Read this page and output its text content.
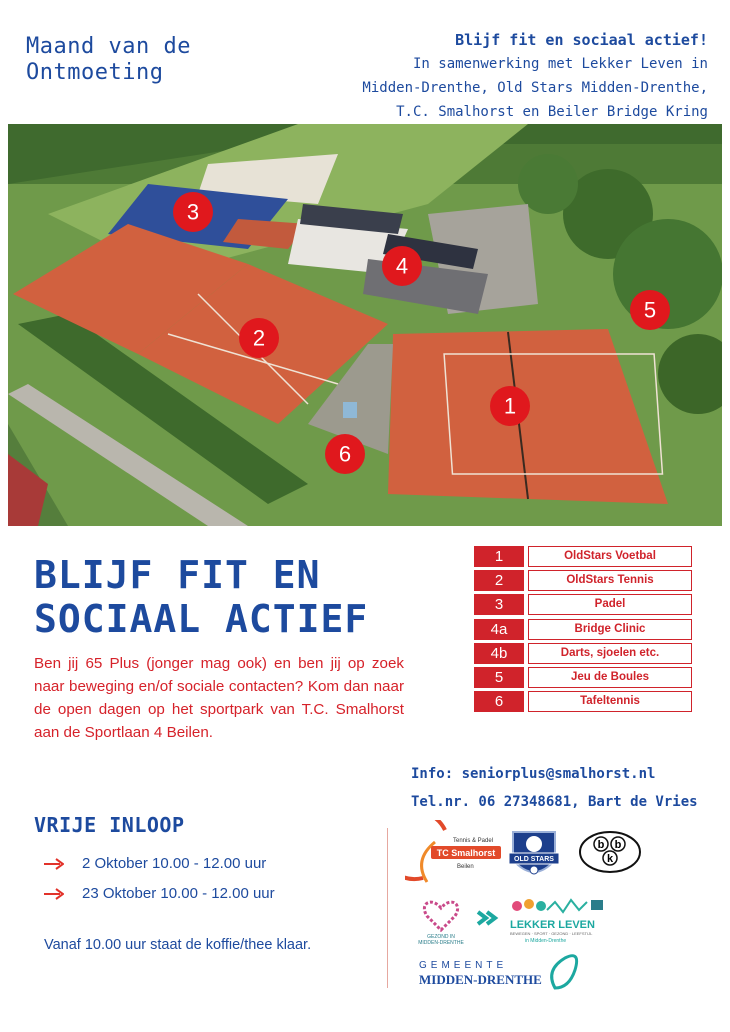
Maand van de
Ontmoeting
Blijf fit en sociaal actief!
In samenwerking met Lekker Leven in
Midden-Drenthe, Old Stars Midden-Drenthe,
T.C. Smalhorst en Beiler Bridge Kring
3
4
5
2
1
6
BLIJF FIT EN
SOCIAAL ACTIEF

Ben jij 65 Plus (jonger mag ook) en ben jij op zoek naar beweging en/of sociale contacten? Kom dan naar de open dagen op het sportpark van T.C. Smalhorst aan de Sportlaan 4 Beilen.

1	OldStars Voetbal
2	OldStars Tennis
3	Padel
4a	Bridge Clinic
4b	Darts, sjoelen etc.
5	Jeu de Boules
6	Tafeltennis
Info: seniorplus@smalhorst.nl
Tel.nr. 06 27348681, Bart de Vries
VRIJE INLOOP
2 Oktober 10.00 - 12.00 uur
23 Oktober 10.00 - 12.00 uur
Vanaf 10.00 uur staat de koffie/thee klaar.
Tennis & Padel
TC Smalhorst
Beilen
OLD STARS
b b
k
GEZOND IN
MIDDEN-DRENTHE
LEKKER LEVEN
BEWEGEN · SPORT · GEZOND · LEEFSTIJL
in Midden-Drenthe
GEMEENTE
MIDDEN-DRENTHE
